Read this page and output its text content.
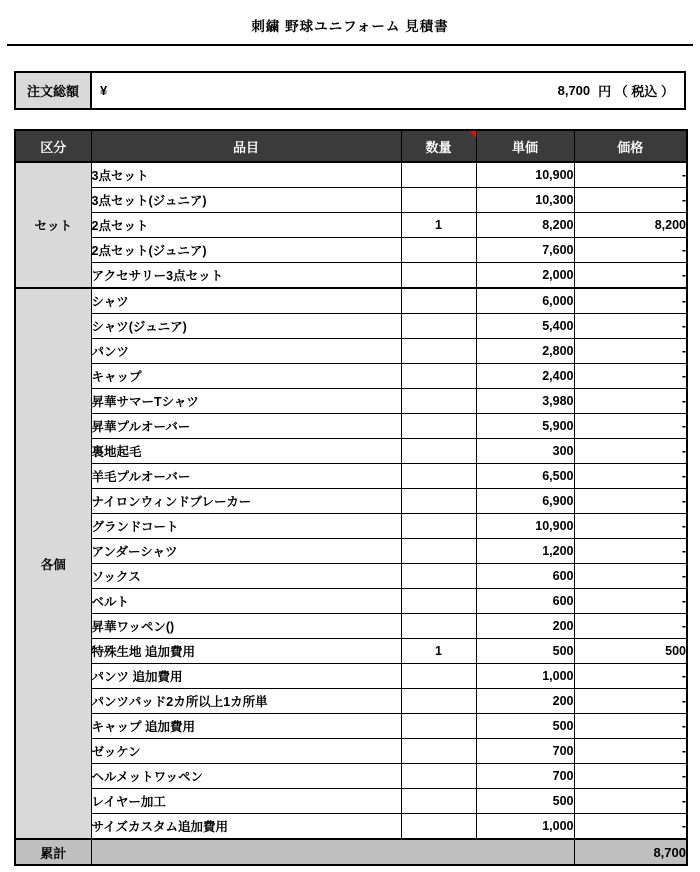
刺繍 野球ユニフォーム 見積書
注文総額	¥	8,700 円 （ 税込 ）
区分	品目	数量	単価	価格
セット	3点セット		10,900	-
	3点セット(ジュニア)		10,300	-
	2点セット	1	8,200	8,200
	2点セット(ジュニア)		7,600	-
	アクセサリー3点セット		2,000	-
各個	シャツ		6,000	-
	シャツ(ジュニア)		5,400	-
	パンツ		2,800	-
	キャップ		2,400	-
	昇華サマーTシャツ		3,980	-
	昇華プルオーバー		5,900	-
	裏地起毛		300	-
	羊毛プルオーバー		6,500	-
	ナイロンウィンドブレーカー		6,900	-
	グランドコート		10,900	-
	アンダーシャツ		1,200	-
	ソックス		600	-
	ベルト		600	-
	昇華ワッペン()		200	-
	特殊生地 追加費用	1	500	500
	パンツ 追加費用		1,000	-
	パンツパッド2カ所以上1カ所単		200	-
	キャップ 追加費用		500	-
	ゼッケン		700	-
	ヘルメットワッペン		700	-
	レイヤー加工		500	-
	サイズカスタム追加費用		1,000	-
累計				8,700
